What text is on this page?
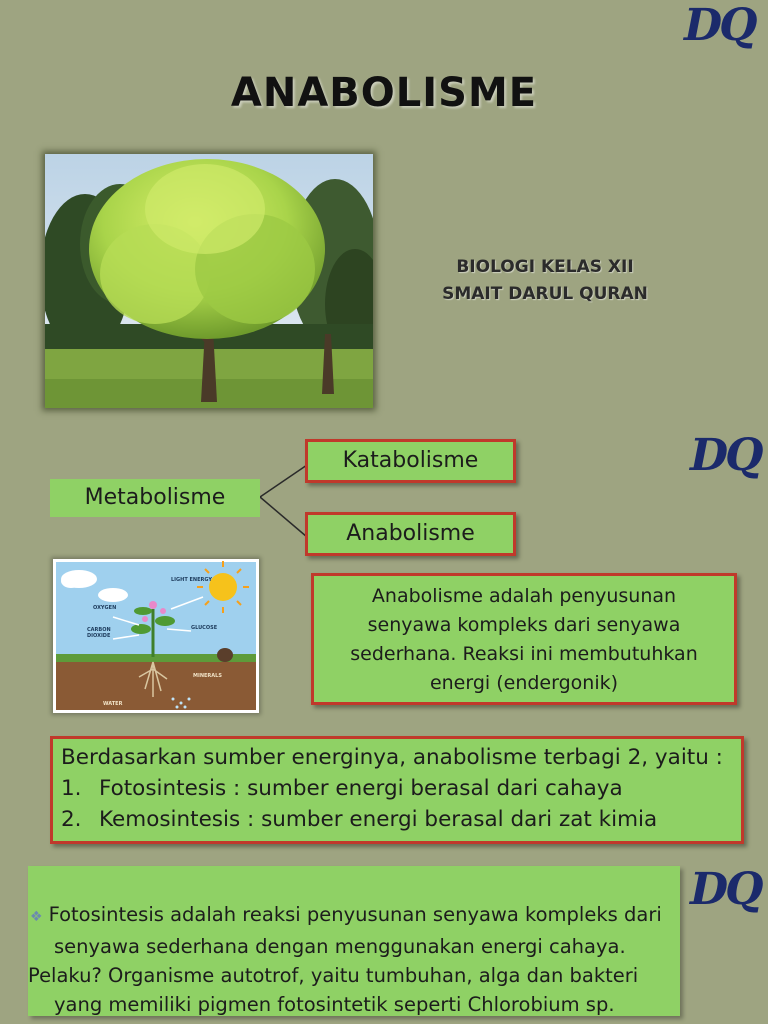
DQ
DQ
DQ
ANABOLISME
BIOLOGI KELAS XII
SMAIT DARUL QURAN
Metabolisme
Katabolisme
Anabolisme
LIGHT ENERGY
OXYGEN
CARBON
DIOXIDE
GLUCOSE
MINERALS
WATER
Anabolisme adalah penyusunan
senyawa kompleks dari senyawa
sederhana. Reaksi ini membutuhkan
energi (endergonik)
Berdasarkan sumber energinya, anabolisme terbagi 2, yaitu :
1. Fotosintesis : sumber energi berasal dari cahaya
2. Kemosintesis : sumber energi berasal dari zat kimia
❖ Fotosintesis adalah reaksi penyusunan senyawa kompleks dari
senyawa sederhana dengan menggunakan energi cahaya.
Pelaku? Organisme autotrof, yaitu tumbuhan, alga dan bakteri
yang memiliki pigmen fotosintetik seperti Chlorobium sp.
